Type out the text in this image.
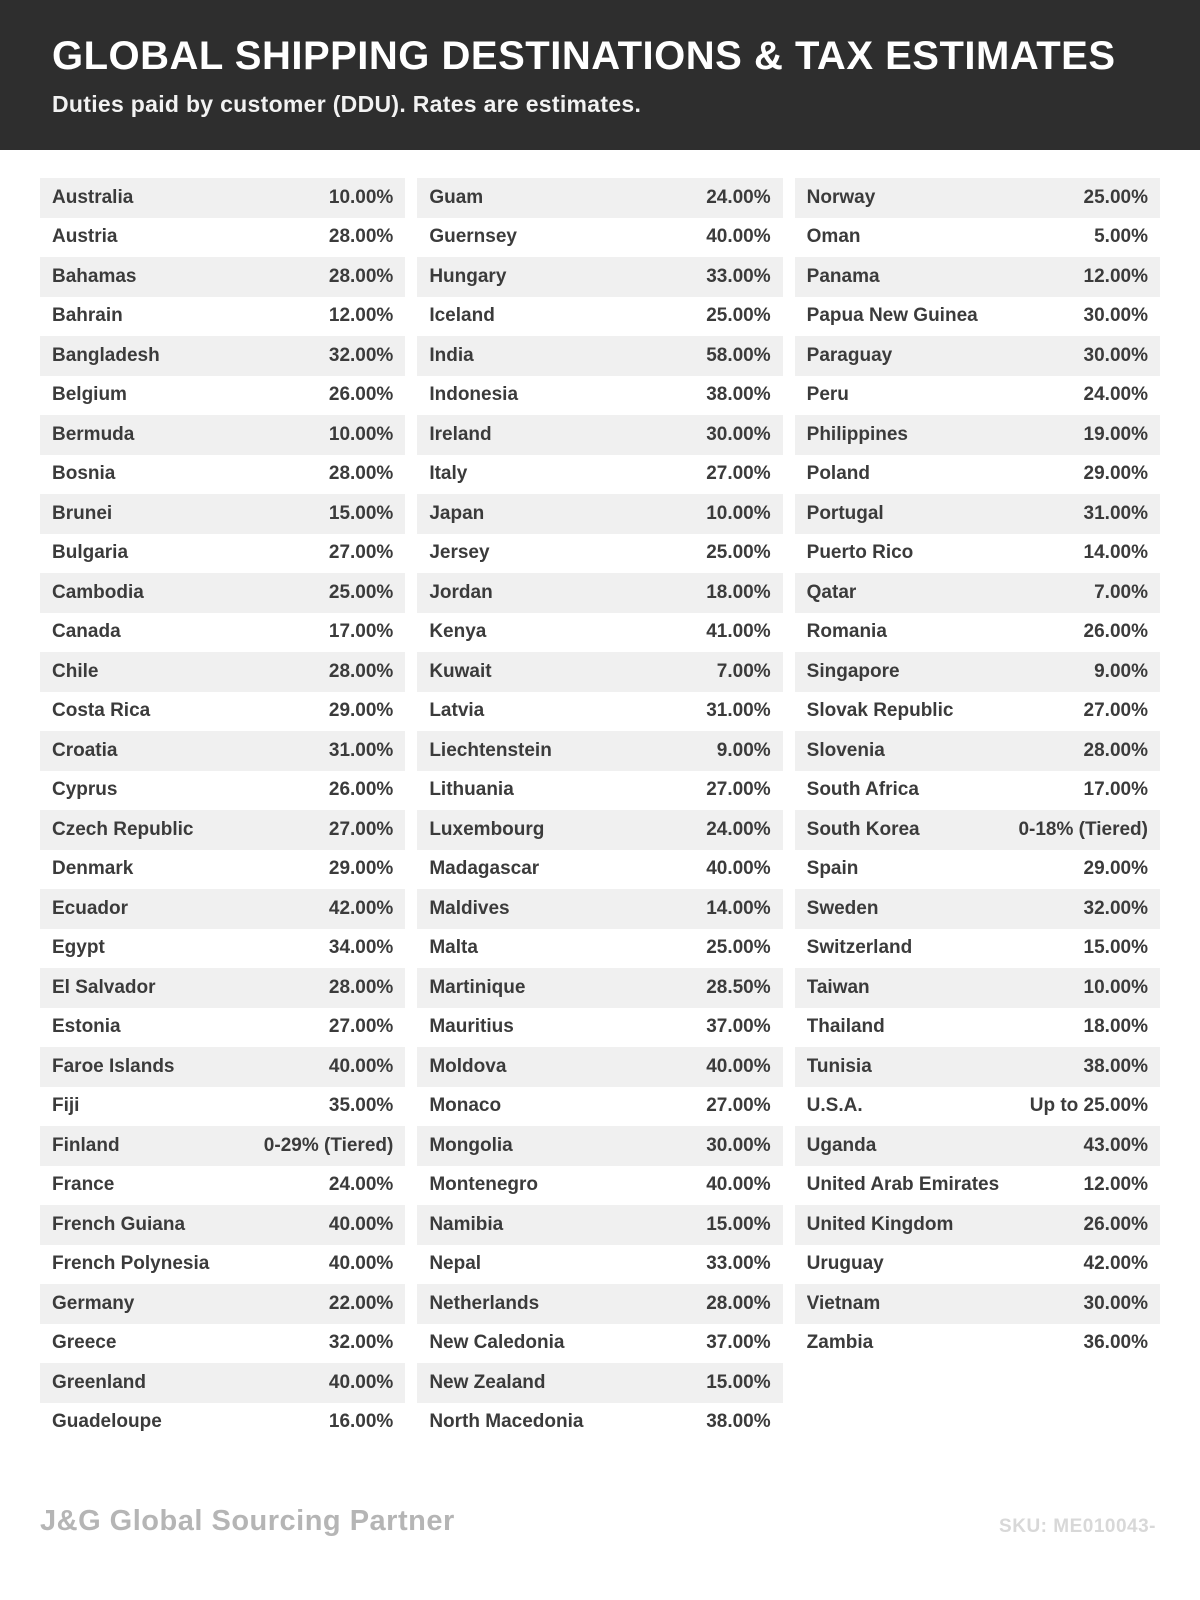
GLOBAL SHIPPING DESTINATIONS & TAX ESTIMATES
Duties paid by customer (DDU). Rates are estimates.
Australia	10.00%
Austria	28.00%
Bahamas	28.00%
Bahrain	12.00%
Bangladesh	32.00%
Belgium	26.00%
Bermuda	10.00%
Bosnia	28.00%
Brunei	15.00%
Bulgaria	27.00%
Cambodia	25.00%
Canada	17.00%
Chile	28.00%
Costa Rica	29.00%
Croatia	31.00%
Cyprus	26.00%
Czech Republic	27.00%
Denmark	29.00%
Ecuador	42.00%
Egypt	34.00%
El Salvador	28.00%
Estonia	27.00%
Faroe Islands	40.00%
Fiji	35.00%
Finland	0-29% (Tiered)
France	24.00%
French Guiana	40.00%
French Polynesia	40.00%
Germany	22.00%
Greece	32.00%
Greenland	40.00%
Guadeloupe	16.00%
Guam	24.00%
Guernsey	40.00%
Hungary	33.00%
Iceland	25.00%
India	58.00%
Indonesia	38.00%
Ireland	30.00%
Italy	27.00%
Japan	10.00%
Jersey	25.00%
Jordan	18.00%
Kenya	41.00%
Kuwait	7.00%
Latvia	31.00%
Liechtenstein	9.00%
Lithuania	27.00%
Luxembourg	24.00%
Madagascar	40.00%
Maldives	14.00%
Malta	25.00%
Martinique	28.50%
Mauritius	37.00%
Moldova	40.00%
Monaco	27.00%
Mongolia	30.00%
Montenegro	40.00%
Namibia	15.00%
Nepal	33.00%
Netherlands	28.00%
New Caledonia	37.00%
New Zealand	15.00%
North Macedonia	38.00%
Norway	25.00%
Oman	5.00%
Panama	12.00%
Papua New Guinea	30.00%
Paraguay	30.00%
Peru	24.00%
Philippines	19.00%
Poland	29.00%
Portugal	31.00%
Puerto Rico	14.00%
Qatar	7.00%
Romania	26.00%
Singapore	9.00%
Slovak Republic	27.00%
Slovenia	28.00%
South Africa	17.00%
South Korea	0-18% (Tiered)
Spain	29.00%
Sweden	32.00%
Switzerland	15.00%
Taiwan	10.00%
Thailand	18.00%
Tunisia	38.00%
U.S.A.	Up to 25.00%
Uganda	43.00%
United Arab Emirates	12.00%
United Kingdom	26.00%
Uruguay	42.00%
Vietnam	30.00%
Zambia	36.00%
J&G Global Sourcing Partner	SKU: ME010043-
